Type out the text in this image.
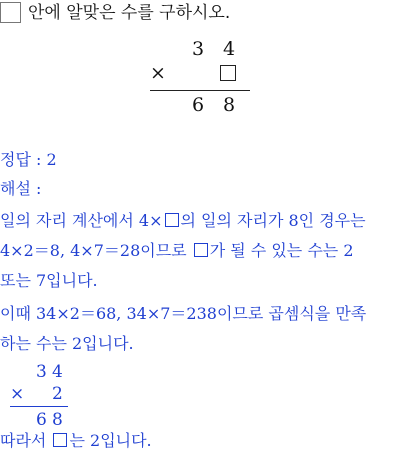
안에 알맞은 수를 구하시오.
3 4
×
6 8
정답 : 2
해설 :
일의 자리 계산에서 4× 의 일의 자리가 8인 경우는
4×2＝8, 4×7＝28이므로 가 될 수 있는 수는 2
또는 7입니다.
이때 34×2＝68, 34×7＝238이므로 곱셈식을 만족
하는 수는 2입니다.
3 4
× 2
6 8
따라서 는 2입니다.
